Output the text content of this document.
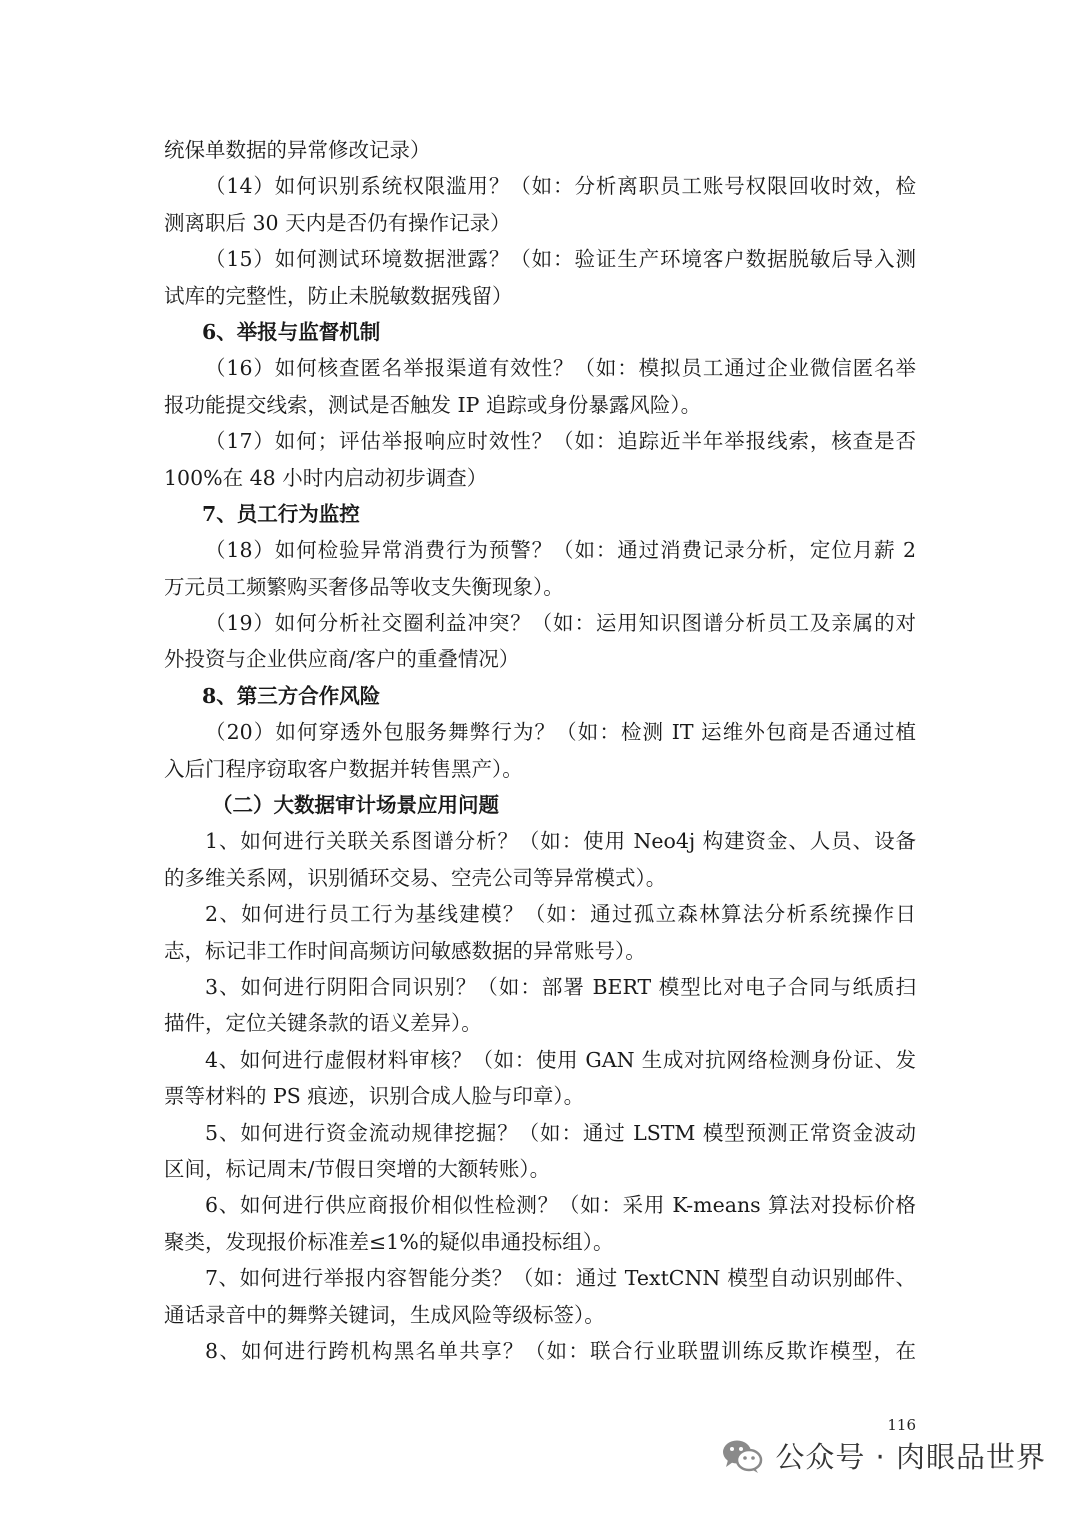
统保单数据的异常修改记录）
（14）如何识别系统权限滥用？（如：分析离职员工账号权限回收时效，检
测离职后 30 天内是否仍有操作记录）
（15）如何测试环境数据泄露？（如：验证生产环境客户数据脱敏后导入测
试库的完整性，防止未脱敏数据残留）
6、举报与监督机制
（16）如何核查匿名举报渠道有效性？（如：模拟员工通过企业微信匿名举
报功能提交线索，测试是否触发 IP 追踪或身份暴露风险）。
（17）如何；评估举报响应时效性？（如：追踪近半年举报线索，核查是否
100%在 48 小时内启动初步调查）
7、员工行为监控
（18）如何检验异常消费行为预警？（如：通过消费记录分析，定位月薪 2
万元员工频繁购买奢侈品等收支失衡现象）。
（19）如何分析社交圈利益冲突？（如：运用知识图谱分析员工及亲属的对
外投资与企业供应商/客户的重叠情况）
8、第三方合作风险
（20）如何穿透外包服务舞弊行为？（如：检测 IT 运维外包商是否通过植
入后门程序窃取客户数据并转售黑产）。
（二）大数据审计场景应用问题
1、如何进行关联关系图谱分析？（如：使用 Neo4j 构建资金、人员、设备
的多维关系网，识别循环交易、空壳公司等异常模式）。
2、如何进行员工行为基线建模？（如：通过孤立森林算法分析系统操作日
志，标记非工作时间高频访问敏感数据的异常账号）。
3、如何进行阴阳合同识别？（如：部署 BERT 模型比对电子合同与纸质扫
描件，定位关键条款的语义差异）。
4、如何进行虚假材料审核？（如：使用 GAN 生成对抗网络检测身份证、发
票等材料的 PS 痕迹，识别合成人脸与印章）。
5、如何进行资金流动规律挖掘？（如：通过 LSTM 模型预测正常资金波动
区间，标记周末/节假日突增的大额转账）。
6、如何进行供应商报价相似性检测？（如：采用 K-means 算法对投标价格
聚类，发现报价标准差≤1%的疑似串通投标组）。
7、如何进行举报内容智能分类？（如：通过 TextCNN 模型自动识别邮件、
通话录音中的舞弊关键词，生成风险等级标签）。
8、如何进行跨机构黑名单共享？（如：联合行业联盟训练反欺诈模型，在
116
公众号 · 肉眼品世界
